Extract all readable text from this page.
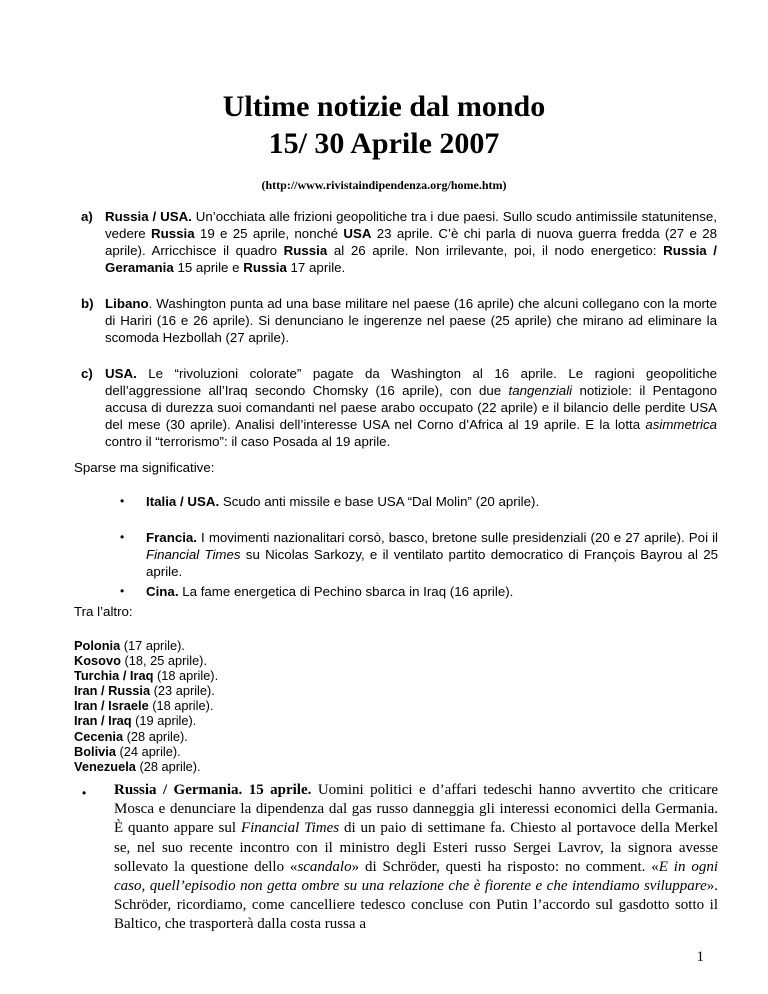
Ultime notizie dal mondo
15/ 30 Aprile 2007
(http://www.rivistaindipendenza.org/home.htm)
a) Russia / USA. Un’occhiata alle frizioni geopolitiche tra i due paesi. Sullo scudo antimissile statunitense, vedere Russia 19 e 25 aprile, nonché USA 23 aprile. C’è chi parla di nuova guerra fredda (27 e 28 aprile). Arricchisce il quadro Russia al 26 aprile. Non irrilevante, poi, il nodo energetico: Russia / Geramania 15 aprile e Russia 17 aprile.
b) Libano. Washington punta ad una base militare nel paese (16 aprile) che alcuni collegano con la morte di Hariri (16 e 26 aprile). Si denunciano le ingerenze nel paese (25 aprile) che mirano ad eliminare la scomoda Hezbollah (27 aprile).
c) USA. Le “rivoluzioni colorate” pagate da Washington al 16 aprile. Le ragioni geopolitiche dell’aggressione all’Iraq secondo Chomsky (16 aprile), con due tangenziali notiziole: il Pentagono accusa di durezza suoi comandanti nel paese arabo occupato (22 aprile) e il bilancio delle perdite USA del mese (30 aprile). Analisi dell’interesse USA nel Corno d’Africa al 19 aprile. E la lotta asimmetrica contro il “terrorismo”: il caso Posada al 19 aprile.
Sparse ma significative:
• Italia / USA. Scudo anti missile e base USA “Dal Molin” (20 aprile).
• Francia. I movimenti nazionalitari corsò, basco, bretone sulle presidenziali (20 e 27 aprile). Poi il Financial Times su Nicolas Sarkozy, e il ventilato partito democratico di François Bayrou al 25 aprile.
• Cina. La fame energetica di Pechino sbarca in Iraq (16 aprile).
Tra l’altro:
Polonia (17 aprile).
Kosovo (18, 25 aprile).
Turchia / Iraq (18 aprile).
Iran / Russia (23 aprile).
Iran / Israele (18 aprile).
Iran / Iraq (19 aprile).
Cecenia (28 aprile).
Bolivia (24 aprile).
Venezuela (28 aprile).
• Russia / Germania. 15 aprile. Uomini politici e d’affari tedeschi hanno avvertito che criticare Mosca e denunciare la dipendenza dal gas russo danneggia gli interessi economici della Germania. È quanto appare sul Financial Times di un paio di settimane fa. Chiesto al portavoce della Merkel se, nel suo recente incontro con il ministro degli Esteri russo Sergei Lavrov, la signora avesse sollevato la questione dello «scandalo» di Schröder, questi ha risposto: no comment. «E in ogni caso, quell’episodio non getta ombre su una relazione che è fiorente e che intendiamo sviluppare». Schröder, ricordiamo, come cancelliere tedesco concluse con Putin l’accordo sul gasdotto sotto il Baltico, che trasporterà dalla costa russa a
1
